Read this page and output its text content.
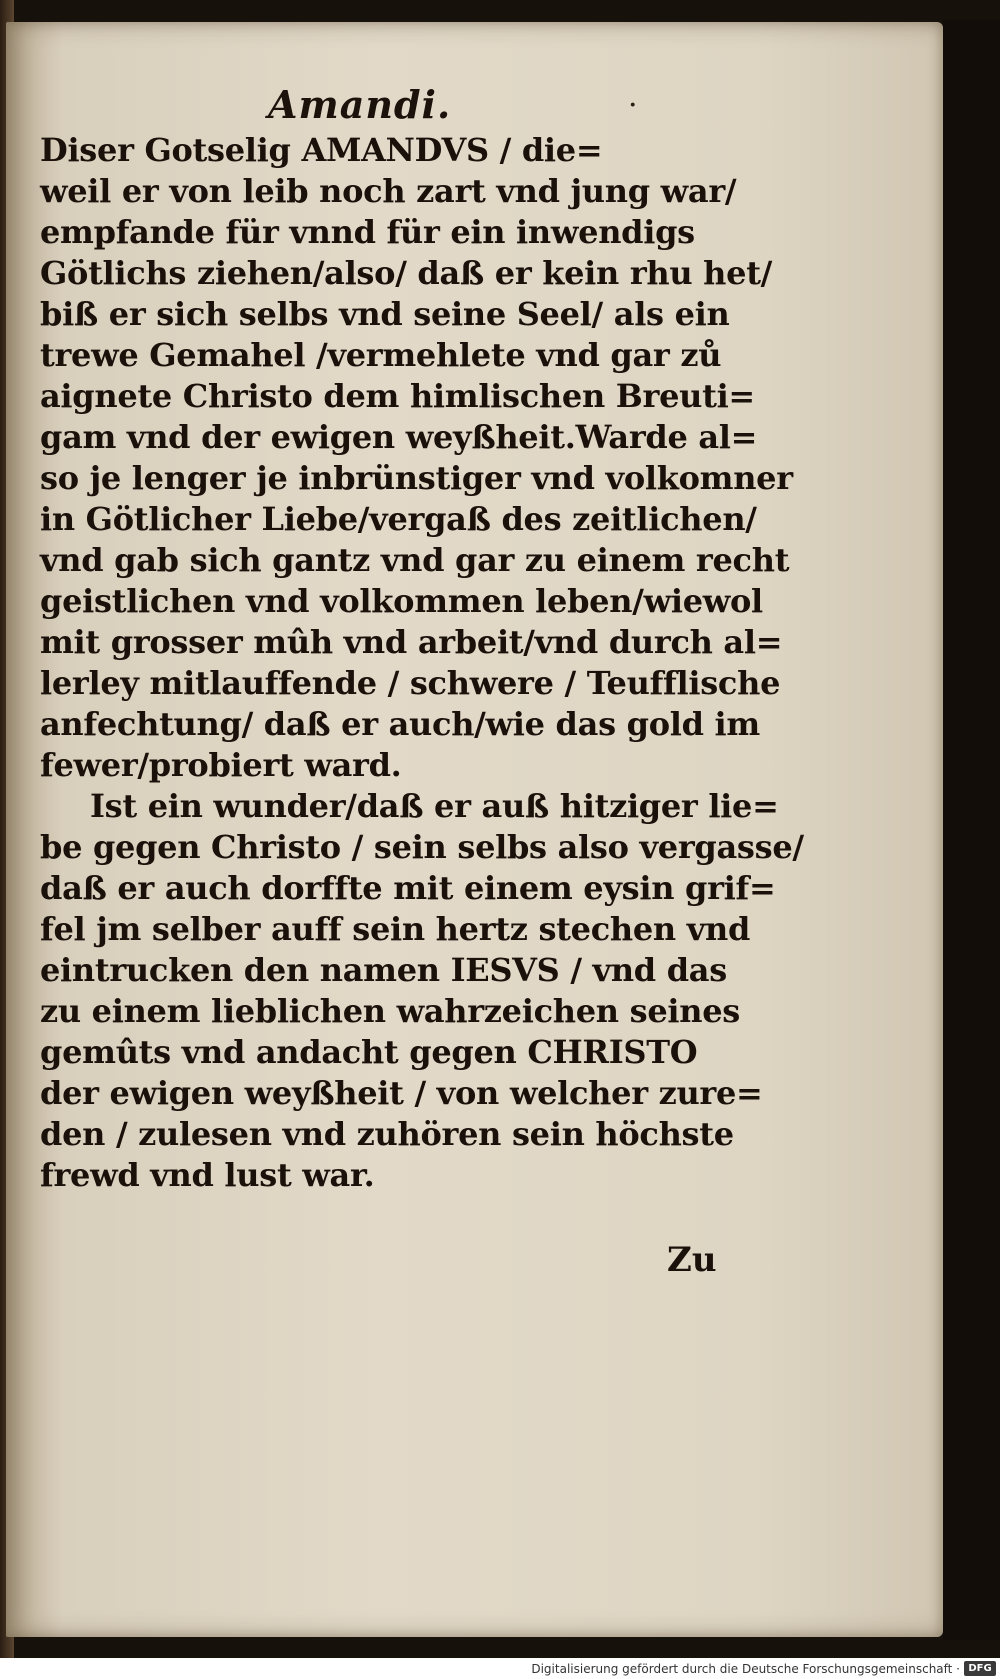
Amandi.	·
Diser Gotselig AMANDVS / die=
weil er von leib noch zart vnd jung war/
empfande für vnnd für ein inwendigs
Götlichs ziehen/also/ daß er kein rhu het/
biß er sich selbs vnd seine Seel/ als ein
trewe Gemahel /vermehlete vnd gar zů
aignete Christo dem himlischen Breuti=
gam vnd der ewigen weyßheit.Warde al=
so je lenger je inbrünstiger vnd volkomner
in Götlicher Liebe/vergaß des zeitlichen/
vnd gab sich gantz vnd gar zu einem recht
geistlichen vnd volkommen leben/wiewol
mit grosser mûh vnd arbeit/vnd durch al=
lerley mitlauffende / schwere / Teufflische
anfechtung/ daß er auch/wie das gold im
fewer/probiert ward.
Ist ein wunder/daß er auß hitziger lie=
be gegen Christo / sein selbs also vergasse/
daß er auch dorffte mit einem eysin grif=
fel jm selber auff sein hertz stechen vnd
eintrucken den namen IESVS / vnd das
zu einem lieblichen wahrzeichen seines
gemûts vnd andacht gegen CHRISTO
der ewigen weyßheit / von welcher zure=
den / zulesen vnd zuhören sein höchste
frewd vnd lust war.
Zu
Digitalisierung gefördert durch die Deutsche Forschungsgemeinschaft · DFG
